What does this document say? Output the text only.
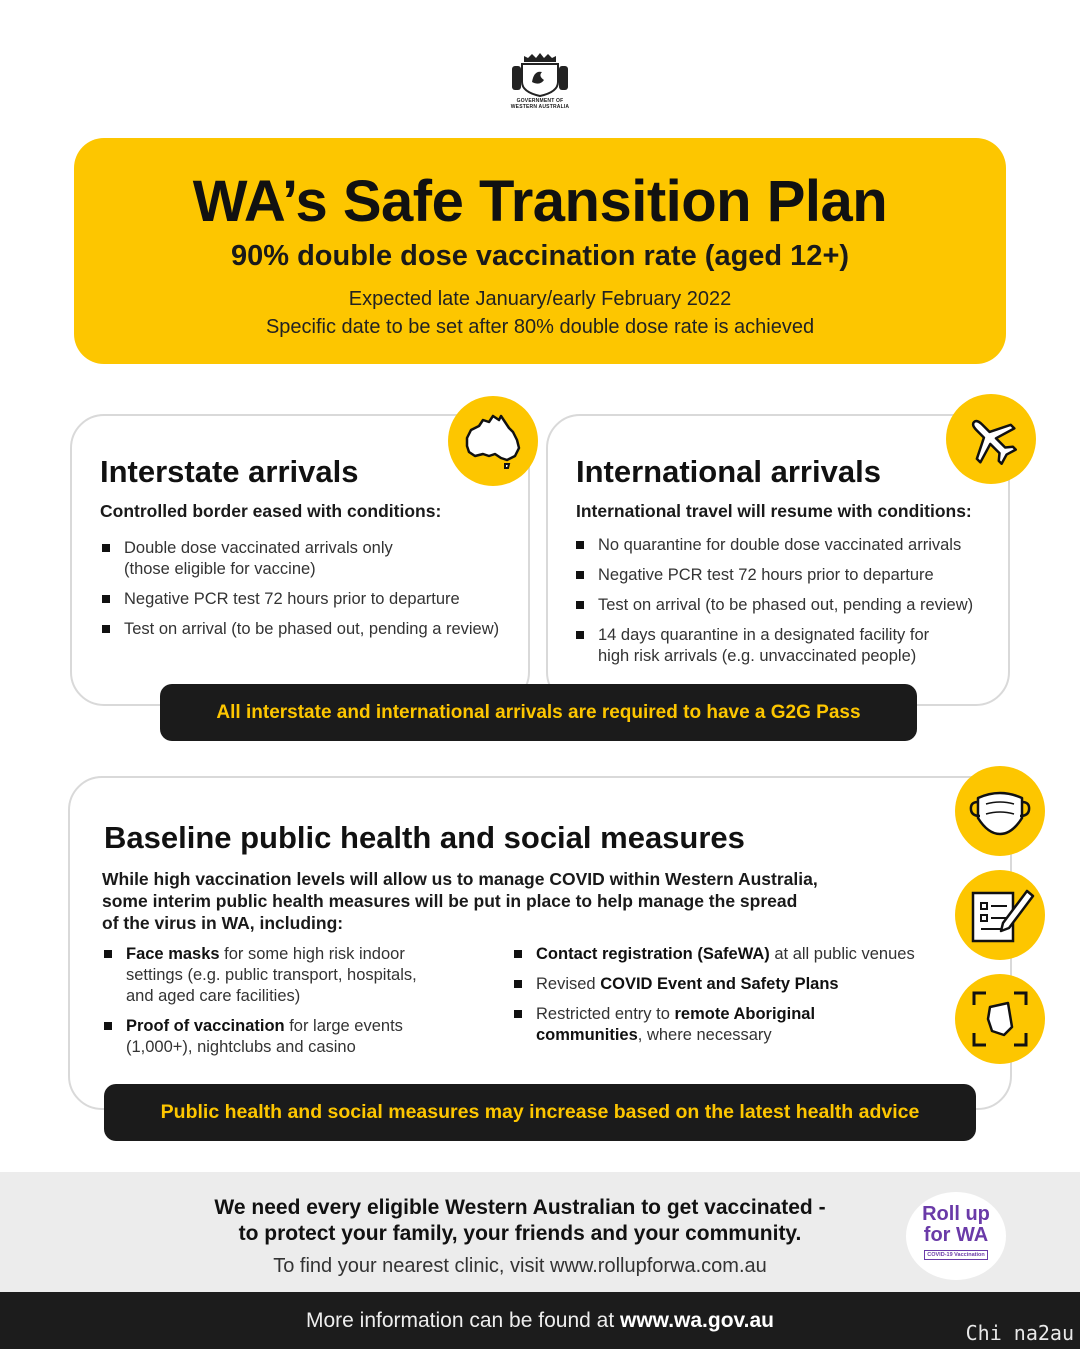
GOVERNMENT OF
WESTERN AUSTRALIA
WA’s Safe Transition Plan
90% double dose vaccination rate (aged 12+)
Expected late January/early February 2022
Specific date to be set after 80% double dose rate is achieved
Interstate arrivals
Controlled border eased with conditions:
Double dose vaccinated arrivals only
(those eligible for vaccine)
Negative PCR test 72 hours prior to departure
Test on arrival (to be phased out, pending a review)
International arrivals
International travel will resume with conditions:
No quarantine for double dose vaccinated arrivals
Negative PCR test 72 hours prior to departure
Test on arrival (to be phased out, pending a review)
14 days quarantine in a designated facility for
high risk arrivals (e.g. unvaccinated people)
All interstate and international arrivals are required to have a G2G Pass
Baseline public health and social measures
While high vaccination levels will allow us to manage COVID within Western Australia,
some interim public health measures will be put in place to help manage the spread
of the virus in WA, including:
Face masks for some high risk indoor
settings (e.g. public transport, hospitals,
and aged care facilities)
Proof of vaccination for large events
(1,000+), nightclubs and casino
Contact registration (SafeWA) at all public venues
Revised COVID Event and Safety Plans
Restricted entry to remote Aboriginal
communities, where necessary
Public health and social measures may increase based on the latest health advice
We need every eligible Western Australian to get vaccinated -
to protect your family, your friends and your community.
To find your nearest clinic, visit www.rollupforwa.com.au
Roll up
for WA
COVID-19 Vaccination
More information can be found at www.wa.gov.au
Chi na2au
